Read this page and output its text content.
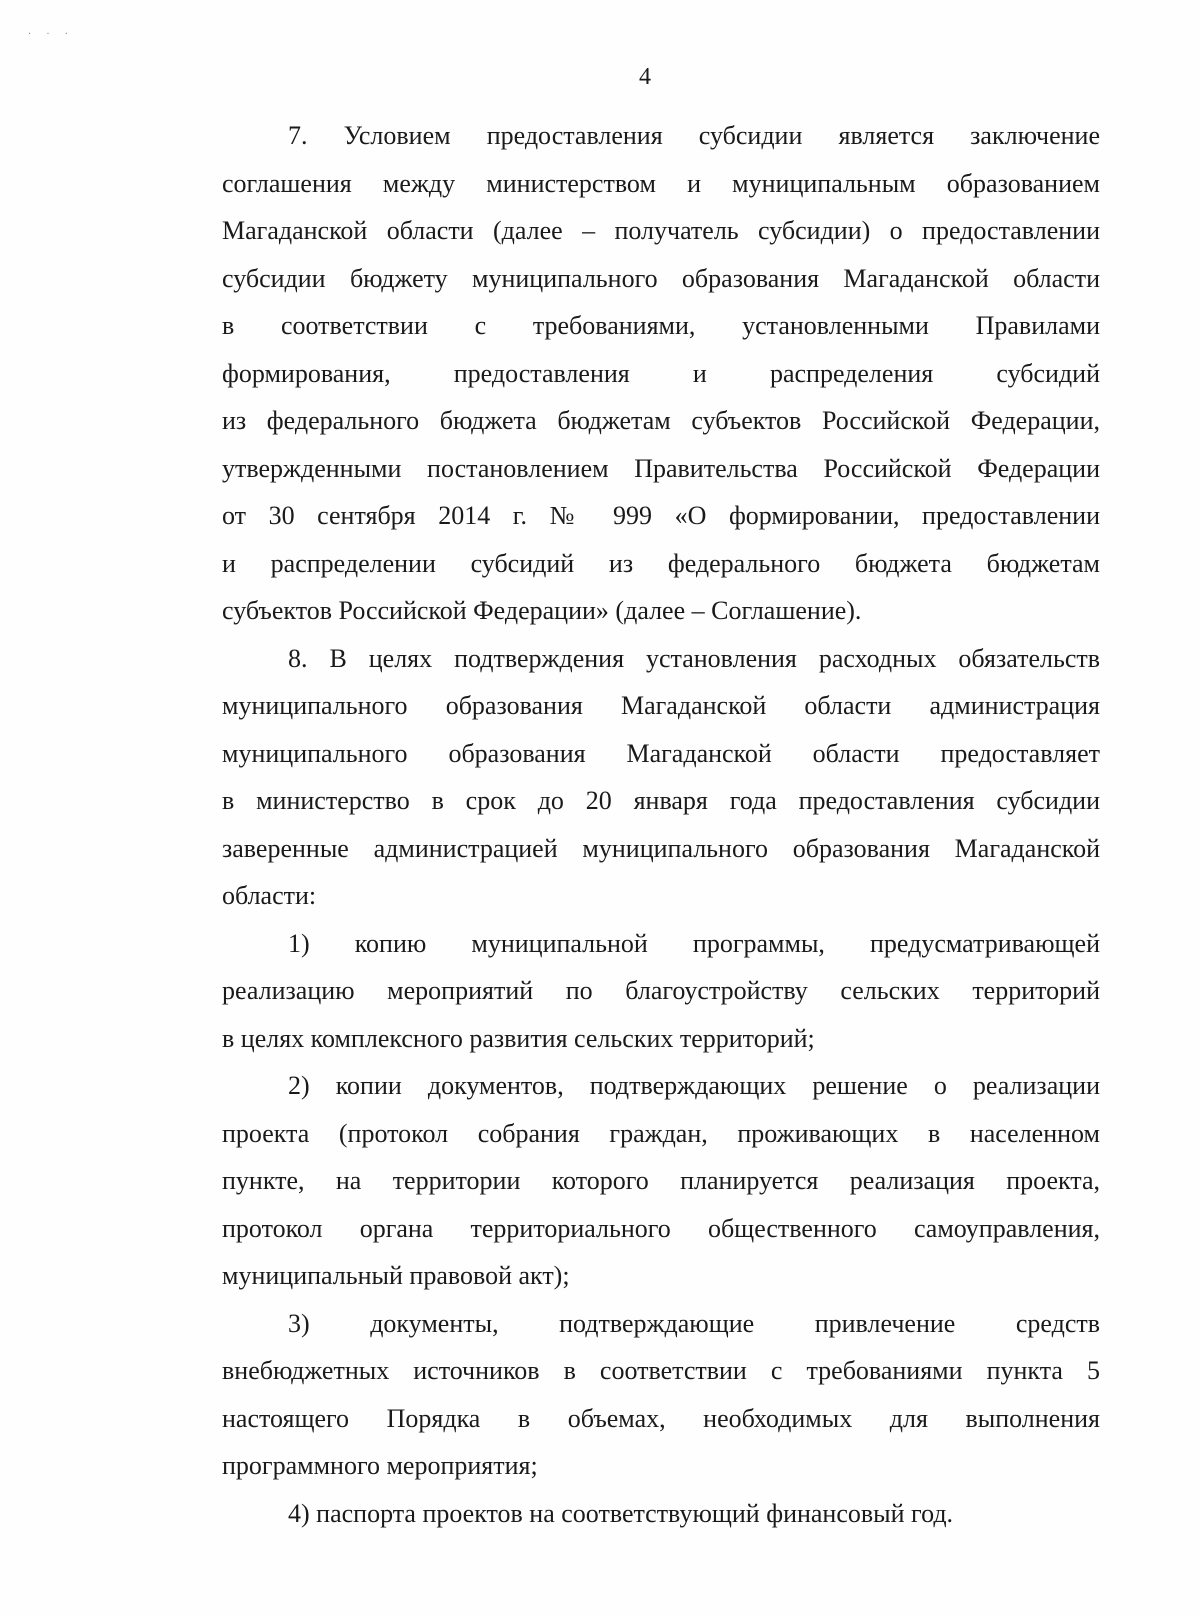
· · ·
4

7. Условием предоставления субсидии является заключение
соглашения между министерством и муниципальным образованием
Магаданской области (далее – получатель субсидии) о предоставлении
субсидии бюджету муниципального образования Магаданской области
в соответствии с требованиями, установленными Правилами
формирования, предоставления и распределения субсидий
из федерального бюджета бюджетам субъектов Российской Федерации,
утвержденными постановлением Правительства Российской Федерации
от 30 сентября 2014 г. № 999 «О формировании, предоставлении
и распределении субсидий из федерального бюджета бюджетам
субъектов Российской Федерации» (далее – Соглашение).

8. В целях подтверждения установления расходных обязательств
муниципального образования Магаданской области администрация
муниципального образования Магаданской области предоставляет
в министерство в срок до 20 января года предоставления субсидии
заверенные администрацией муниципального образования Магаданской
области:

1) копию муниципальной программы, предусматривающей
реализацию мероприятий по благоустройству сельских территорий
в целях комплексного развития сельских территорий;

2) копии документов, подтверждающих решение о реализации
проекта (протокол собрания граждан, проживающих в населенном
пункте, на территории которого планируется реализация проекта,
протокол органа территориального общественного самоуправления,
муниципальный правовой акт);

3) документы, подтверждающие привлечение средств
внебюджетных источников в соответствии с требованиями пункта 5
настоящего Порядка в объемах, необходимых для выполнения
программного мероприятия;

4) паспорта проектов на соответствующий финансовый год.
